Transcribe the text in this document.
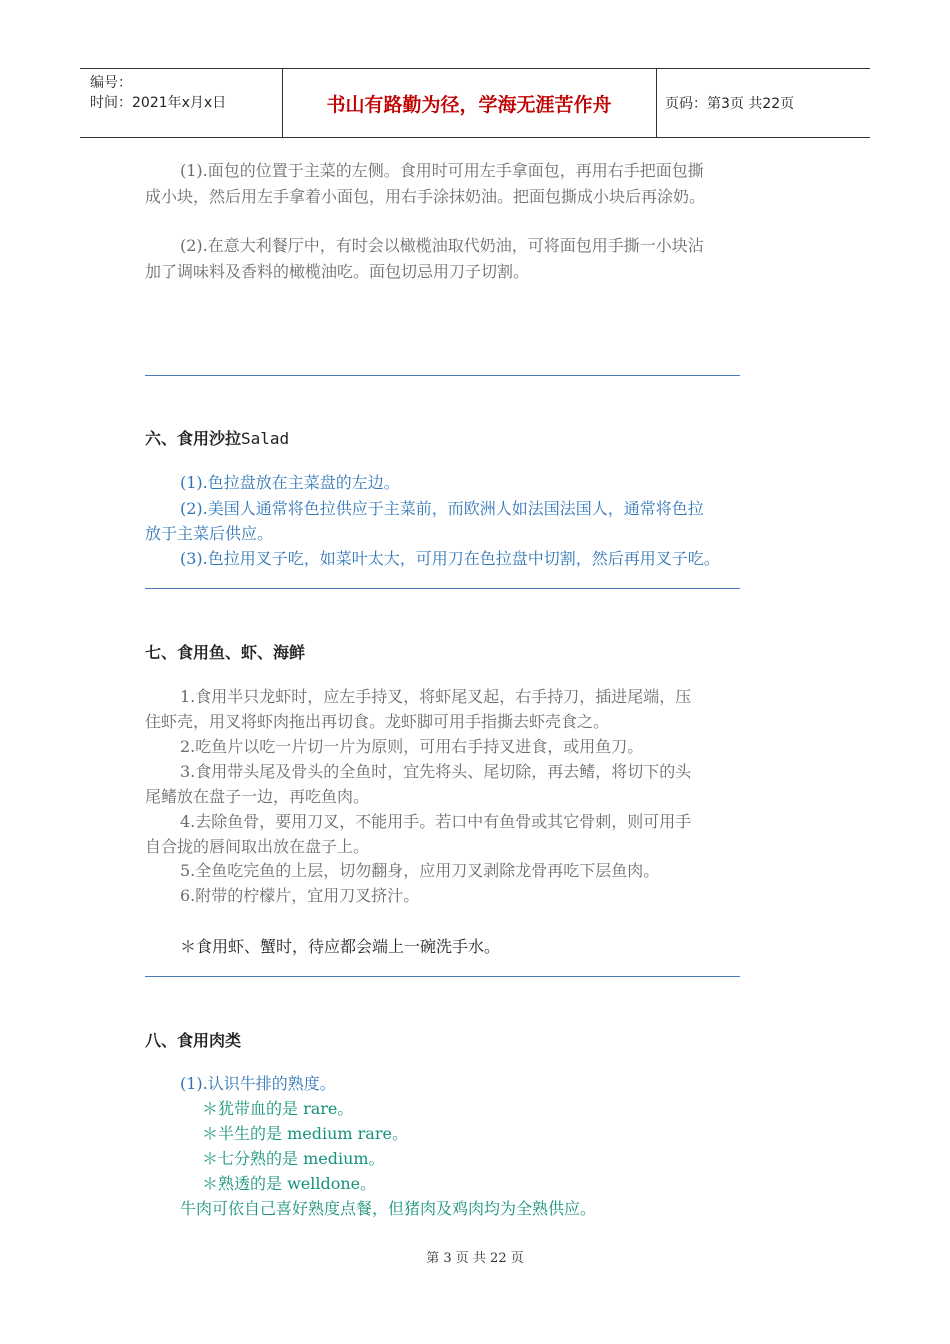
编号：
时间：2021年x月x日	书山有路勤为径，学海无涯苦作舟	页码：第3页 共22页
(1).面包的位置于主菜的左侧。食用时可用左手拿面包，再用右手把面包撕
成小块，然后用左手拿着小面包，用右手涂抹奶油。把面包撕成小块后再涂奶。
(2).在意大利餐厅中，有时会以橄榄油取代奶油，可将面包用手撕一小块沾
加了调味料及香料的橄榄油吃。面包切忌用刀子切割。
六、食用沙拉Salad
(1).色拉盘放在主菜盘的左边。
(2).美国人通常将色拉供应于主菜前，而欧洲人如法国法国人，通常将色拉
放于主菜后供应。
(3).色拉用叉子吃，如菜叶太大，可用刀在色拉盘中切割，然后再用叉子吃。
七、食用鱼、虾、海鲜
1.食用半只龙虾时，应左手持叉，将虾尾叉起，右手持刀，插进尾端，压
住虾壳，用叉将虾肉拖出再切食。龙虾脚可用手指撕去虾壳食之。
2.吃鱼片以吃一片切一片为原则，可用右手持叉进食，或用鱼刀。
3.食用带头尾及骨头的全鱼时，宜先将头、尾切除，再去鳍，将切下的头
尾鳍放在盘子一边，再吃鱼肉。
4.去除鱼骨，要用刀叉，不能用手。若口中有鱼骨或其它骨刺，则可用手
自合拢的唇间取出放在盘子上。
5.全鱼吃完鱼的上层，切勿翻身，应用刀叉剥除龙骨再吃下层鱼肉。
6.附带的柠檬片，宜用刀叉挤汁。
＊食用虾、蟹时，待应都会端上一碗洗手水。
八、食用肉类
(1).认识牛排的熟度。
＊犹带血的是 rare。
＊半生的是 medium rare。
＊七分熟的是 medium。
＊熟透的是 welldone。
牛肉可依自己喜好熟度点餐，但猪肉及鸡肉均为全熟供应。
第 3 页 共 22 页
